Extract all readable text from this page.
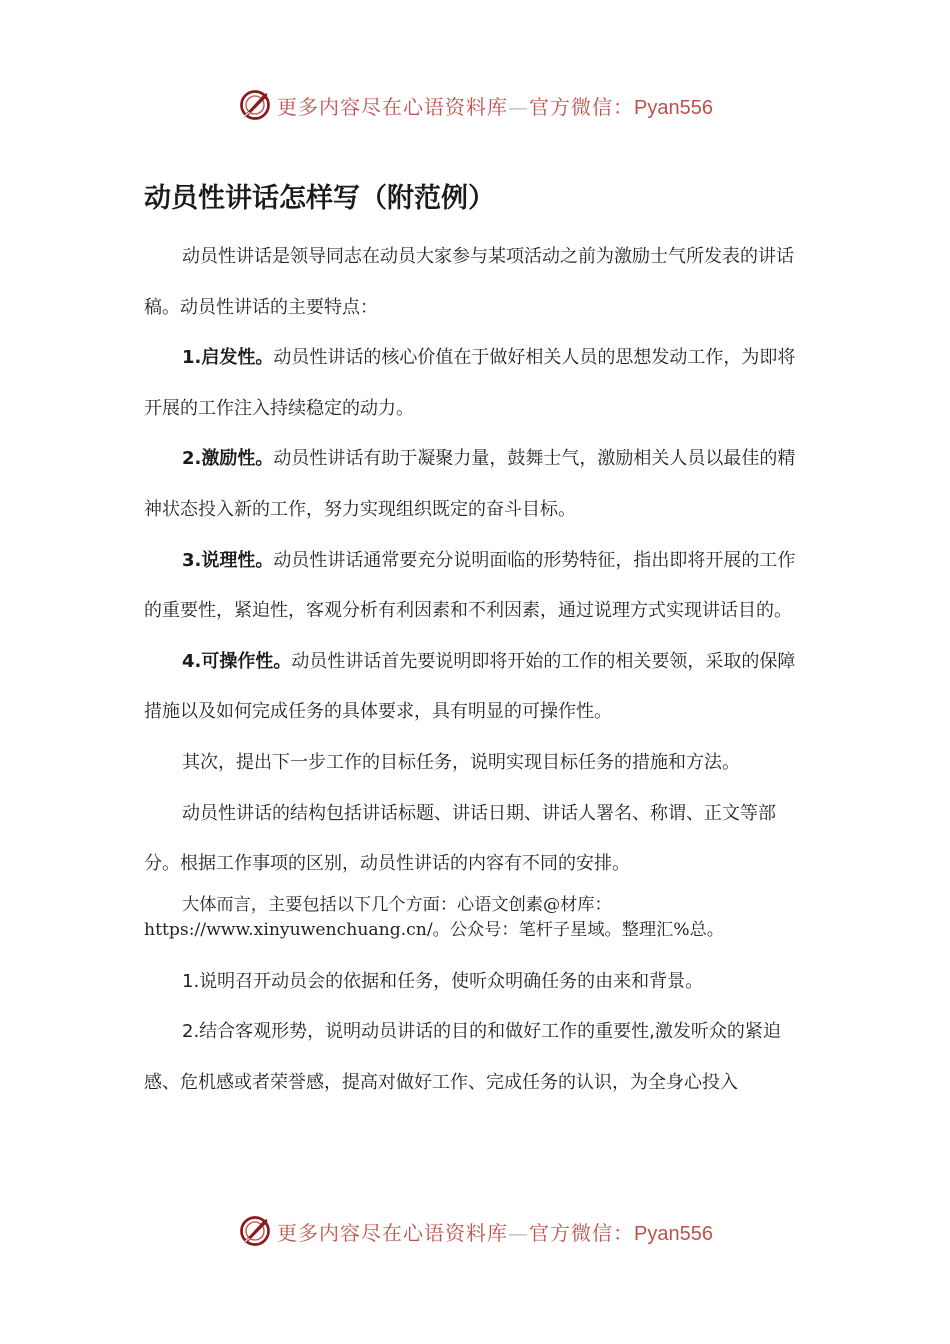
更多内容尽在心语资料库—官方微信：Pyan556
动员性讲话怎样写（附范例）

动员性讲话是领导同志在动员大家参与某项活动之前为激励士气所发表的讲话稿。动员性讲话的主要特点：

1.启发性。动员性讲话的核心价值在于做好相关人员的思想发动工作，为即将开展的工作注入持续稳定的动力。

2.激励性。动员性讲话有助于凝聚力量，鼓舞士气，激励相关人员以最佳的精神状态投入新的工作，努力实现组织既定的奋斗目标。

3.说理性。动员性讲话通常要充分说明面临的形势特征，指出即将开展的工作的重要性，紧迫性，客观分析有利因素和不利因素，通过说理方式实现讲话目的。

4.可操作性。动员性讲话首先要说明即将开始的工作的相关要领，采取的保障措施以及如何完成任务的具体要求，具有明显的可操作性。

其次，提出下一步工作的目标任务，说明实现目标任务的措施和方法。

动员性讲话的结构包括讲话标题、讲话日期、讲话人署名、称谓、正文等部分。根据工作事项的区别，动员性讲话的内容有不同的安排。

大体而言，主要包括以下几个方面：心语文创素@材库：https://www.xinyuwenchuang.cn/。公众号：笔杆子星域。整理汇%总。

1.说明召开动员会的依据和任务，使听众明确任务的由来和背景。

2.结合客观形势，说明动员讲话的目的和做好工作的重要性,激发听众的紧迫感、危机感或者荣誉感，提高对做好工作、完成任务的认识，为全身心投入

更多内容尽在心语资料库—官方微信：Pyan556
